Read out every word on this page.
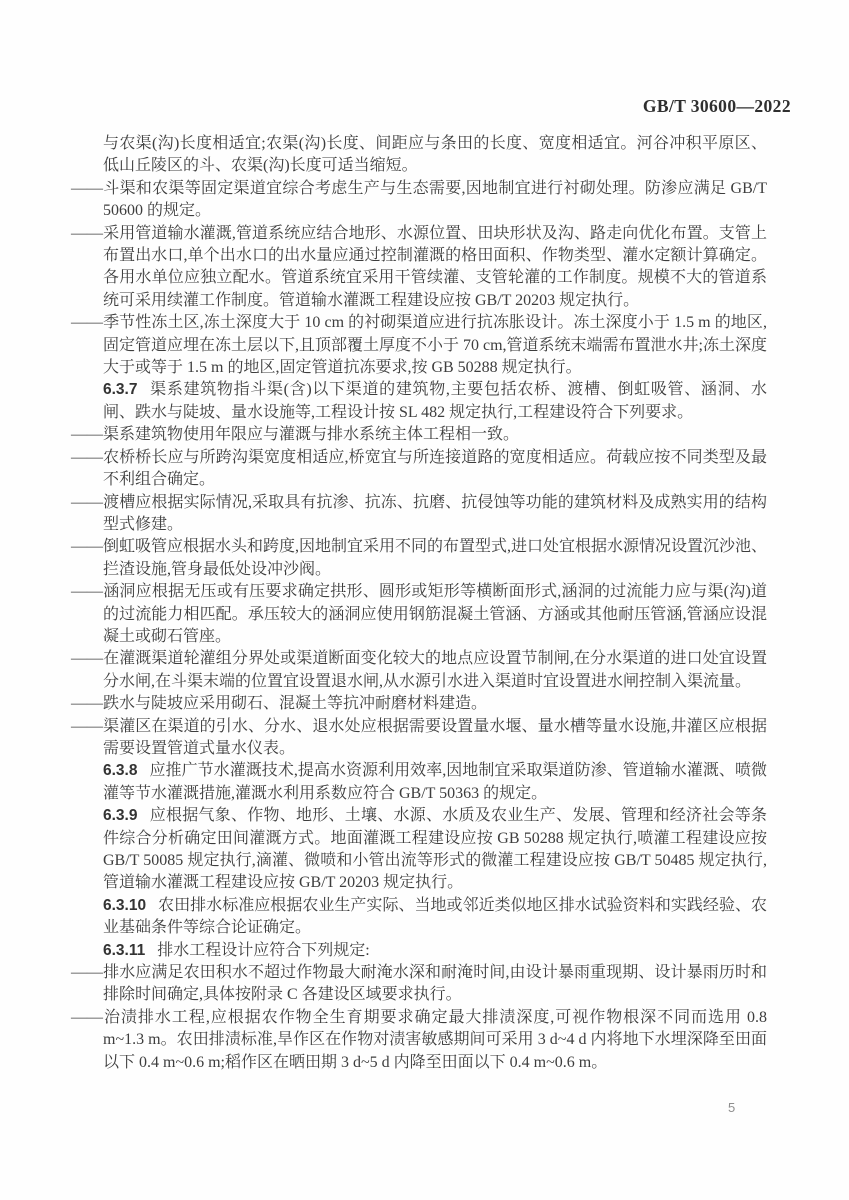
GB/T 30600—2022

与农渠(沟)长度相适宜;农渠(沟)长度、间距应与条田的长度、宽度相适宜。河谷冲积平原区、低山丘陵区的斗、农渠(沟)长度可适当缩短。

——斗渠和农渠等固定渠道宜综合考虑生产与生态需要,因地制宜进行衬砌处理。防渗应满足 GB/T 50600 的规定。

——采用管道输水灌溉,管道系统应结合地形、水源位置、田块形状及沟、路走向优化布置。支管上布置出水口,单个出水口的出水量应通过控制灌溉的格田面积、作物类型、灌水定额计算确定。各用水单位应独立配水。管道系统宜采用干管续灌、支管轮灌的工作制度。规模不大的管道系统可采用续灌工作制度。管道输水灌溉工程建设应按 GB/T 20203 规定执行。

——季节性冻土区,冻土深度大于 10 cm 的衬砌渠道应进行抗冻胀设计。冻土深度小于 1.5 m 的地区,固定管道应埋在冻土层以下,且顶部覆土厚度不小于 70 cm,管道系统末端需布置泄水井;冻土深度大于或等于 1.5 m 的地区,固定管道抗冻要求,按 GB 50288 规定执行。

6.3.7 渠系建筑物指斗渠(含)以下渠道的建筑物,主要包括农桥、渡槽、倒虹吸管、涵洞、水闸、跌水与陡坡、量水设施等,工程设计按 SL 482 规定执行,工程建设符合下列要求。

——渠系建筑物使用年限应与灌溉与排水系统主体工程相一致。

——农桥桥长应与所跨沟渠宽度相适应,桥宽宜与所连接道路的宽度相适应。荷载应按不同类型及最不利组合确定。

——渡槽应根据实际情况,采取具有抗渗、抗冻、抗磨、抗侵蚀等功能的建筑材料及成熟实用的结构型式修建。

——倒虹吸管应根据水头和跨度,因地制宜采用不同的布置型式,进口处宜根据水源情况设置沉沙池、拦渣设施,管身最低处设冲沙阀。

——涵洞应根据无压或有压要求确定拱形、圆形或矩形等横断面形式,涵洞的过流能力应与渠(沟)道的过流能力相匹配。承压较大的涵洞应使用钢筋混凝土管涵、方涵或其他耐压管涵,管涵应设混凝土或砌石管座。

——在灌溉渠道轮灌组分界处或渠道断面变化较大的地点应设置节制闸,在分水渠道的进口处宜设置分水闸,在斗渠末端的位置宜设置退水闸,从水源引水进入渠道时宜设置进水闸控制入渠流量。

——跌水与陡坡应采用砌石、混凝土等抗冲耐磨材料建造。

——渠灌区在渠道的引水、分水、退水处应根据需要设置量水堰、量水槽等量水设施,井灌区应根据需要设置管道式量水仪表。

6.3.8 应推广节水灌溉技术,提高水资源利用效率,因地制宜采取渠道防渗、管道输水灌溉、喷微灌等节水灌溉措施,灌溉水利用系数应符合 GB/T 50363 的规定。

6.3.9 应根据气象、作物、地形、土壤、水源、水质及农业生产、发展、管理和经济社会等条件综合分析确定田间灌溉方式。地面灌溉工程建设应按 GB 50288 规定执行,喷灌工程建设应按 GB/T 50085 规定执行,滴灌、微喷和小管出流等形式的微灌工程建设应按 GB/T 50485 规定执行,管道输水灌溉工程建设应按 GB/T 20203 规定执行。

6.3.10 农田排水标准应根据农业生产实际、当地或邻近类似地区排水试验资料和实践经验、农业基础条件等综合论证确定。

6.3.11 排水工程设计应符合下列规定:

——排水应满足农田积水不超过作物最大耐淹水深和耐淹时间,由设计暴雨重现期、设计暴雨历时和排除时间确定,具体按附录 C 各建设区域要求执行。

——治渍排水工程,应根据农作物全生育期要求确定最大排渍深度,可视作物根深不同而选用 0.8 m~1.3 m。农田排渍标准,旱作区在作物对渍害敏感期间可采用 3 d~4 d 内将地下水埋深降至田面以下 0.4 m~0.6 m;稻作区在晒田期 3 d~5 d 内降至田面以下 0.4 m~0.6 m。

5
